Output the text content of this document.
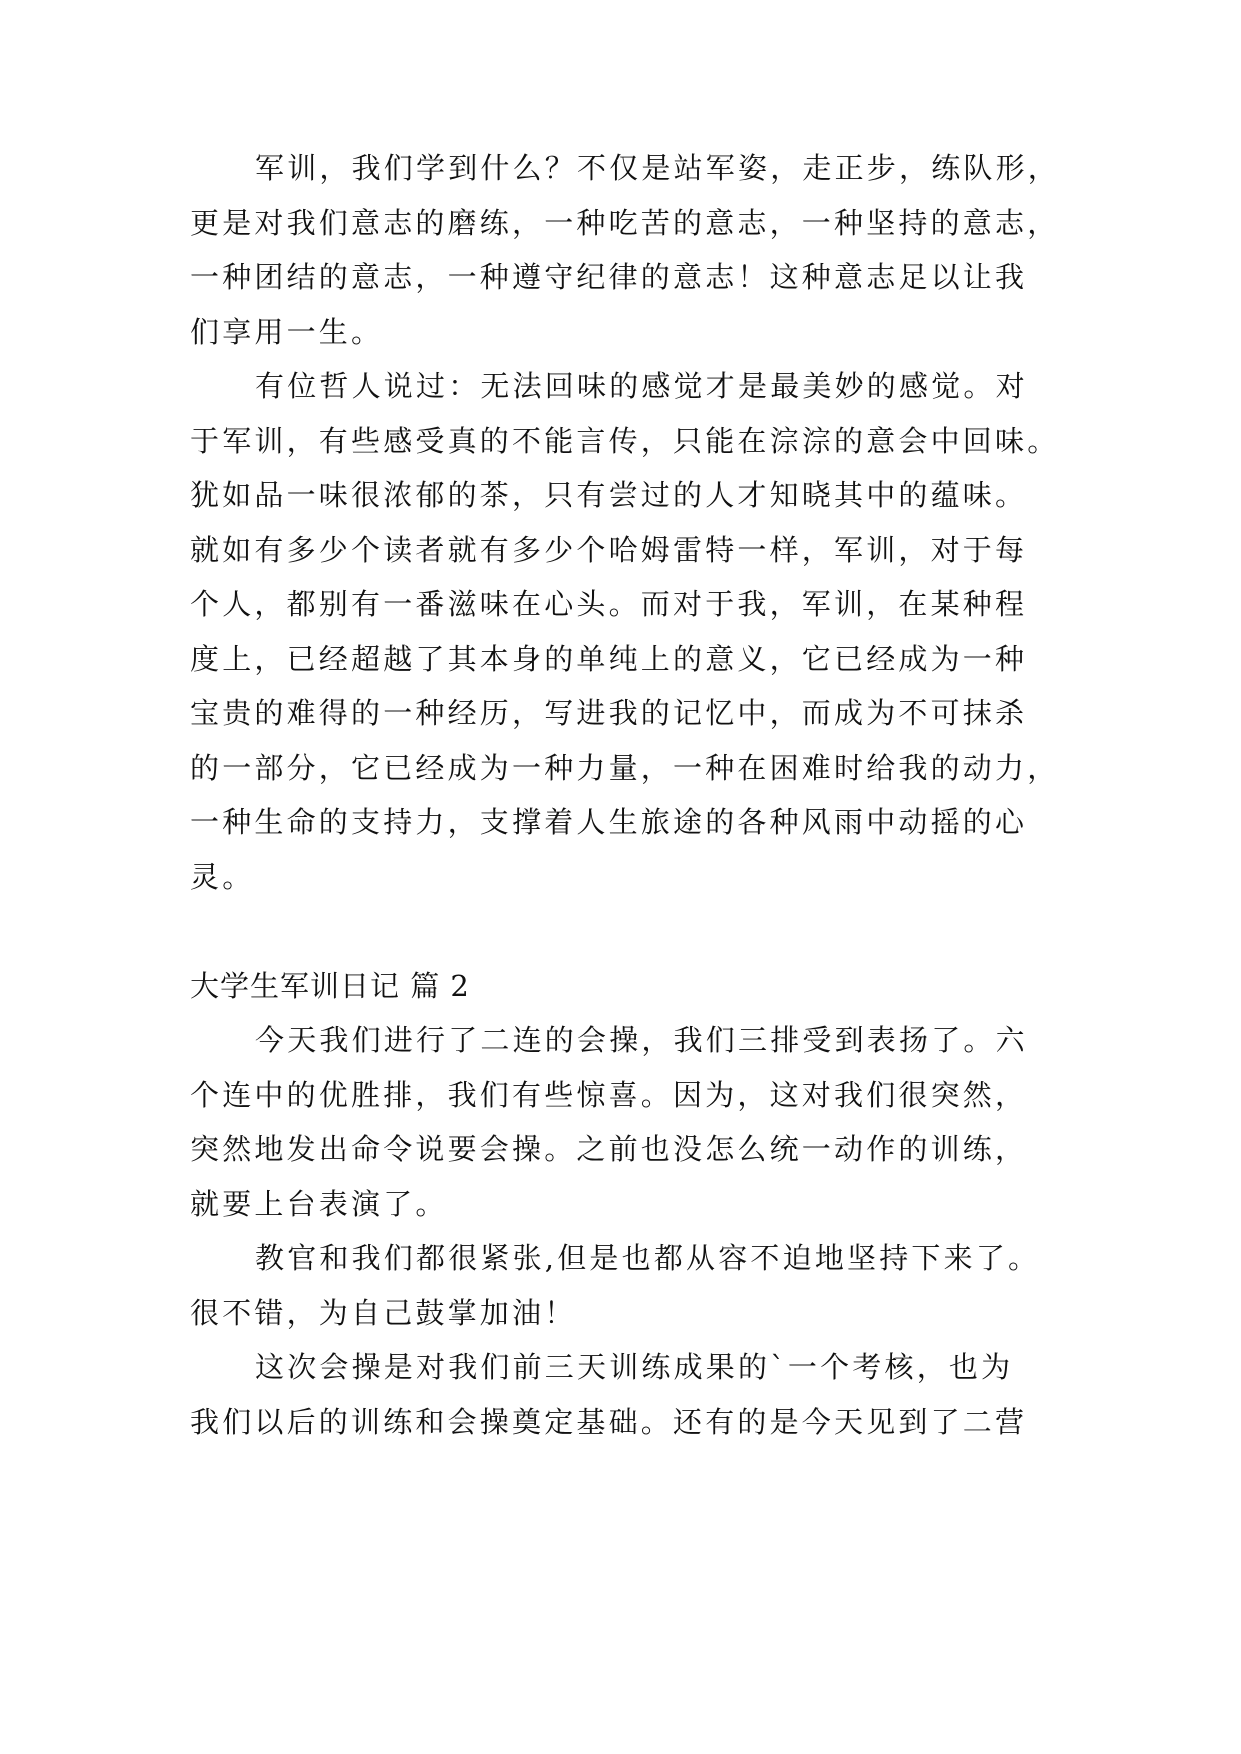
军训，我们学到什么？不仅是站军姿，走正步，练队形，

更是对我们意志的磨练，一种吃苦的意志，一种坚持的意志，

一种团结的意志，一种遵守纪律的意志！这种意志足以让我

们享用一生。

有位哲人说过：无法回味的感觉才是最美妙的感觉。对

于军训，有些感受真的不能言传，只能在淙淙的意会中回味。

犹如品一味很浓郁的茶，只有尝过的人才知晓其中的蕴味。

就如有多少个读者就有多少个哈姆雷特一样，军训，对于每

个人，都别有一番滋味在心头。而对于我，军训，在某种程

度上，已经超越了其本身的单纯上的意义，它已经成为一种

宝贵的难得的一种经历，写进我的记忆中，而成为不可抹杀

的一部分，它已经成为一种力量，一种在困难时给我的动力，

一种生命的支持力，支撑着人生旅途的各种风雨中动摇的心

灵。

大学生军训日记 篇 2

今天我们进行了二连的会操，我们三排受到表扬了。六

个连中的优胜排，我们有些惊喜。因为，这对我们很突然，

突然地发出命令说要会操。之前也没怎么统一动作的训练，

就要上台表演了。

教官和我们都很紧张,但是也都从容不迫地坚持下来了。

很不错，为自己鼓掌加油！

这次会操是对我们前三天训练成果的`一个考核，也为

我们以后的训练和会操奠定基础。还有的是今天见到了二营
